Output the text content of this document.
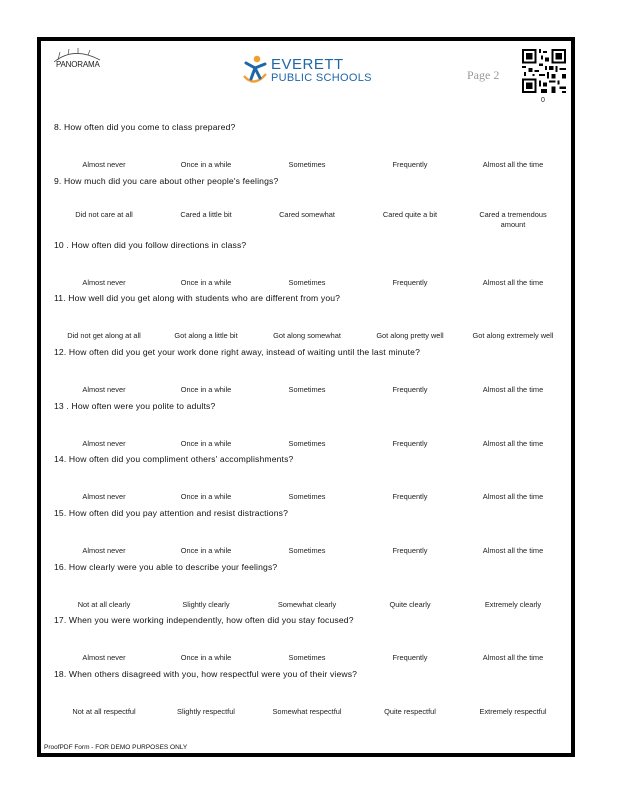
PANORAMA	EVERETT
PUBLIC SCHOOLS	Page 2
0
8. How often did you come to class prepared?
Almost never	Once in a while	Sometimes	Frequently	Almost all the time
9. How much did you care about other people's feelings?
Did not care at all	Cared a little bit	Cared somewhat	Cared quite a bit	Cared a tremendous amount
10 . How often did you follow directions in class?
Almost never	Once in a while	Sometimes	Frequently	Almost all the time
11. How well did you get along with students who are different from you?
Did not get along at all	Got along a little bit	Got along somewhat	Got along pretty well	Got along extremely well
12. How often did you get your work done right away, instead of waiting until the last minute?
Almost never	Once in a while	Sometimes	Frequently	Almost all the time
13 . How often were you polite to adults?
Almost never	Once in a while	Sometimes	Frequently	Almost all the time
14. How often did you compliment others' accomplishments?
Almost never	Once in a while	Sometimes	Frequently	Almost all the time
15. How often did you pay attention and resist distractions?
Almost never	Once in a while	Sometimes	Frequently	Almost all the time
16. How clearly were you able to describe your feelings?
Not at all clearly	Slightly clearly	Somewhat clearly	Quite clearly	Extremely clearly
17. When you were working independently, how often did you stay focused?
Almost never	Once in a while	Sometimes	Frequently	Almost all the time
18. When others disagreed with you, how respectful were you of their views?
Not at all respectful	Slightly respectful	Somewhat respectful	Quite respectful	Extremely respectful
ProofPDF Form - FOR DEMO PURPOSES ONLY
